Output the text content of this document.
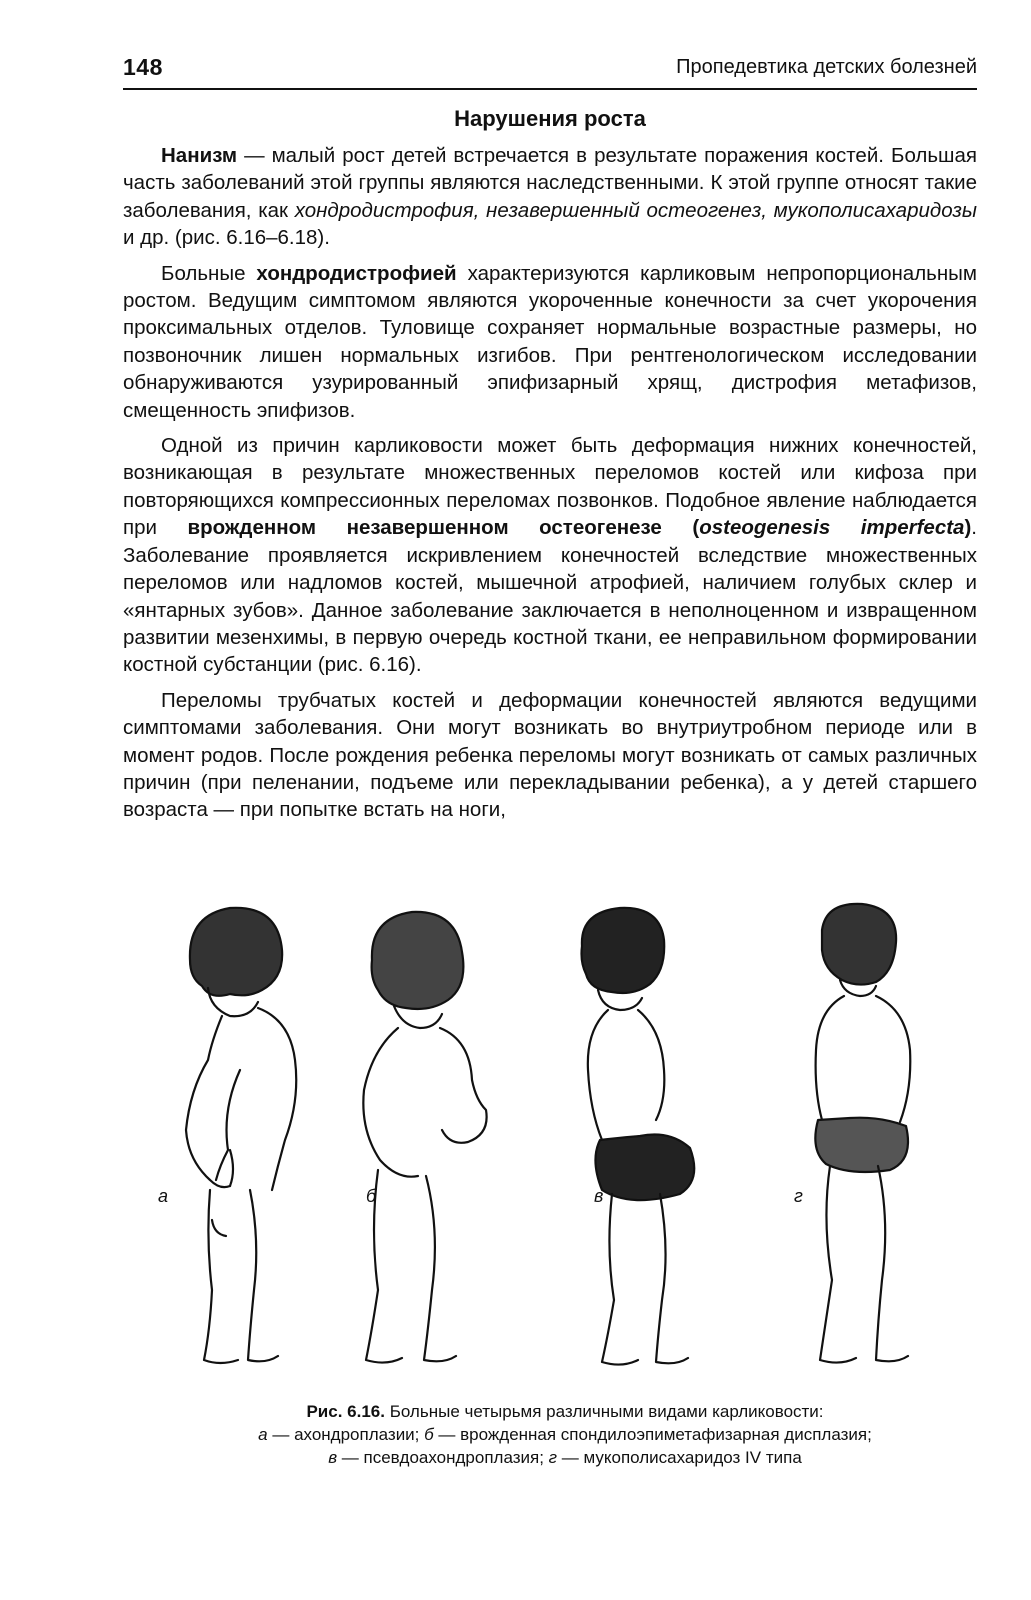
148	Пропедевтика детских болезней
Нарушения роста

Нанизм — малый рост детей встречается в результате поражения костей. Большая часть заболеваний этой группы являются наследственными. К этой группе относят такие заболевания, как хондродистрофия, незавершенный остеогенез, мукополисахаридозы и др. (рис. 6.16–6.18).

Больные хондродистрофией характеризуются карликовым непропорциональным ростом. Ведущим симптомом являются укороченные конечности за счет укорочения проксимальных отделов. Туловище сохраняет нормальные возрастные размеры, но позвоночник лишен нормальных изгибов. При рентгенологическом исследовании обнаруживаются узурированный эпифизарный хрящ, дистрофия метафизов, смещенность эпифизов.

Одной из причин карликовости может быть деформация нижних конечностей, возникающая в результате множественных переломов костей или кифоза при повторяющихся компрессионных переломах позвонков. Подобное явление наблюдается при врожденном незавершенном остеогенезе (osteogenesis imperfecta). Заболевание проявляется искривлением конечностей вследствие множественных переломов или надломов костей, мышечной атрофией, наличием голубых склер и «янтарных зубов». Данное заболевание заключается в неполноценном и извращенном развитии мезенхимы, в первую очередь костной ткани, ее неправильном формировании костной субстанции (рис. 6.16).

Переломы трубчатых костей и деформации конечностей являются ведущими симптомами заболевания. Они могут возникать во внутриутробном периоде или в момент родов. После рождения ребенка переломы могут возникать от самых различных причин (при пеленании, подъеме или перекладывании ребенка), а у детей старшего возраста — при попытке встать на ноги,

а	б	в	г
Рис. 6.16. Больные четырьмя различными видами карликовости:
а — ахондроплазии; б — врожденная спондилоэпиметафизарная дисплазия;
в — псевдоахондроплазия; г — мукополисахаридоз IV типа
